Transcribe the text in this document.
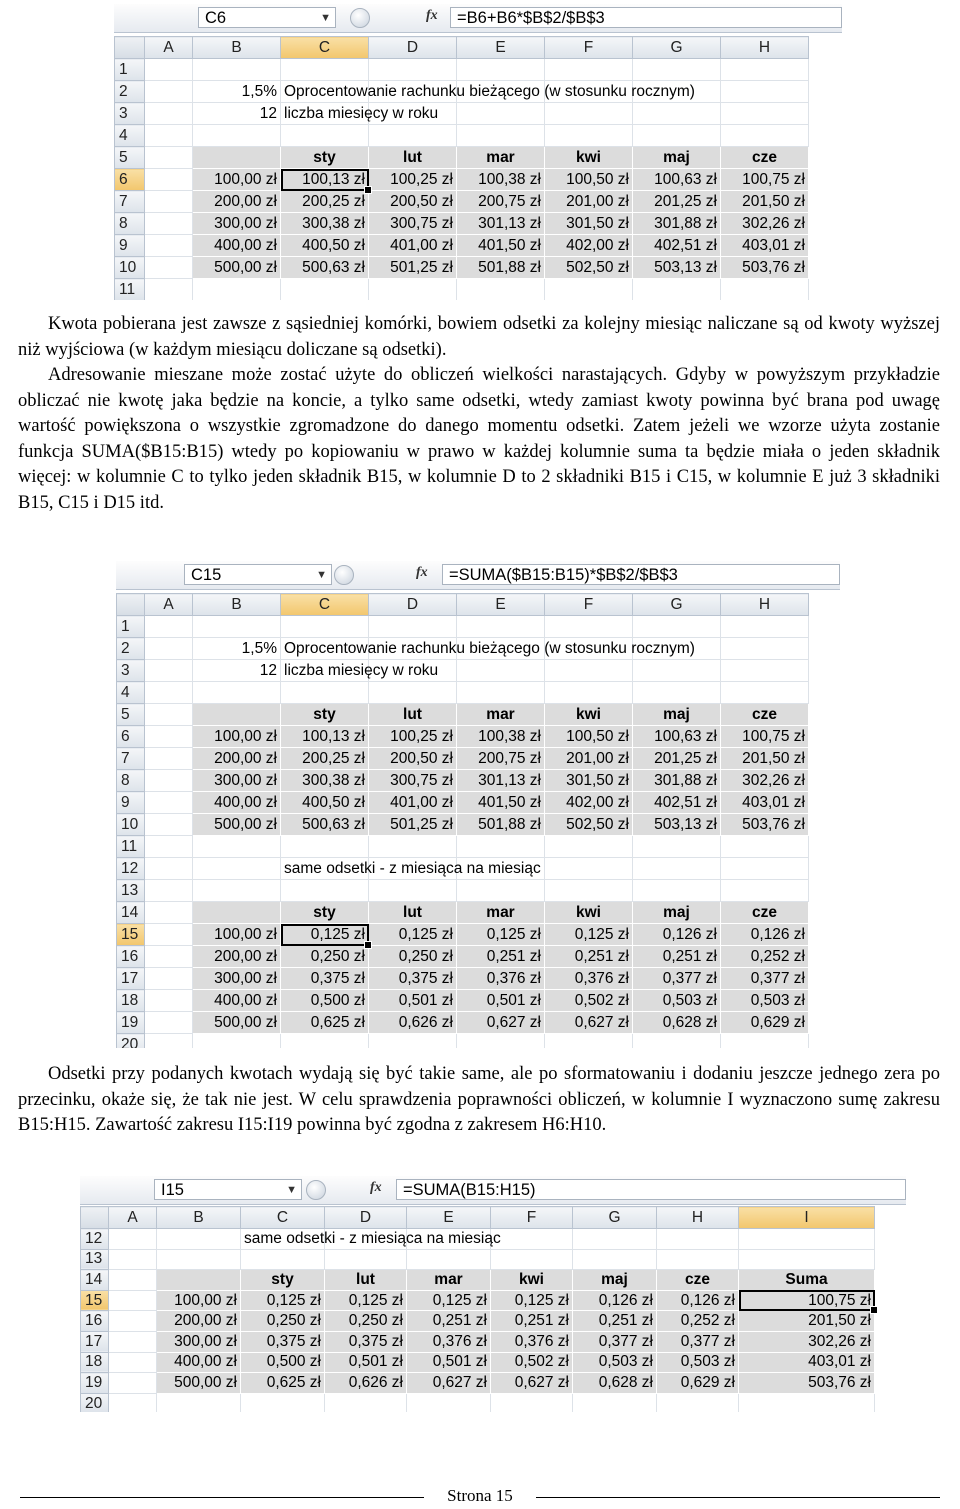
C6	▼	fx	=B6+B6*$B$2/$B$3
	A	B	C	D	E	F	G	H
1								
2		1,5%	Oprocentowanie rachunku bieżącego (w stosunku rocznym)					
3		12	liczba miesięcy w roku					
4								
5			sty	lut	mar	kwi	maj	cze
6		100,00 zł	100,13 zł	100,25 zł	100,38 zł	100,50 zł	100,63 zł	100,75 zł
7		200,00 zł	200,25 zł	200,50 zł	200,75 zł	201,00 zł	201,25 zł	201,50 zł
8		300,00 zł	300,38 zł	300,75 zł	301,13 zł	301,50 zł	301,88 zł	302,26 zł
9		400,00 zł	400,50 zł	401,00 zł	401,50 zł	402,00 zł	402,51 zł	403,01 zł
10		500,00 zł	500,63 zł	501,25 zł	501,88 zł	502,50 zł	503,13 zł	503,76 zł
11								

Kwota pobierana jest zawsze z sąsiedniej komórki, bowiem odsetki za kolejny miesiąc naliczane są od kwoty wyższej niż wyjściowa (w każdym miesiącu doliczane są odsetki).

Adresowanie mieszane może zostać użyte do obliczeń wielkości narastających. Gdyby w powyższym przykładzie obliczać nie kwotę jaka będzie na koncie, a tylko same odsetki, wtedy zamiast kwoty powinna być brana pod uwagę wartość powiększona o wszystkie zgromadzone do danego momentu odsetki. Zatem jeżeli we wzorze użyta zostanie funkcja SUMA($B15:B15) wtedy po kopiowaniu w prawo w każdej kolumnie suma ta będzie miała o jeden składnik więcej: w kolumnie C to tylko jeden składnik B15, w kolumnie D to 2 składniki B15 i C15, w kolumnie E już 3 składniki B15, C15 i D15 itd.

C15	▼	fx	=SUMA($B15:B15)*$B$2/$B$3
	A	B	C	D	E	F	G	H
1								
2		1,5%	Oprocentowanie rachunku bieżącego (w stosunku rocznym)					
3		12	liczba miesięcy w roku					
4								
5			sty	lut	mar	kwi	maj	cze
6		100,00 zł	100,13 zł	100,25 zł	100,38 zł	100,50 zł	100,63 zł	100,75 zł
7		200,00 zł	200,25 zł	200,50 zł	200,75 zł	201,00 zł	201,25 zł	201,50 zł
8		300,00 zł	300,38 zł	300,75 zł	301,13 zł	301,50 zł	301,88 zł	302,26 zł
9		400,00 zł	400,50 zł	401,00 zł	401,50 zł	402,00 zł	402,51 zł	403,01 zł
10		500,00 zł	500,63 zł	501,25 zł	501,88 zł	502,50 zł	503,13 zł	503,76 zł
11								
12			same odsetki - z miesiąca na miesiąc					
13								
14			sty	lut	mar	kwi	maj	cze
15		100,00 zł	0,125 zł	0,125 zł	0,125 zł	0,125 zł	0,126 zł	0,126 zł
16		200,00 zł	0,250 zł	0,250 zł	0,251 zł	0,251 zł	0,251 zł	0,252 zł
17		300,00 zł	0,375 zł	0,375 zł	0,376 zł	0,376 zł	0,377 zł	0,377 zł
18		400,00 zł	0,500 zł	0,501 zł	0,501 zł	0,502 zł	0,503 zł	0,503 zł
19		500,00 zł	0,625 zł	0,626 zł	0,627 zł	0,627 zł	0,628 zł	0,629 zł
20								

Odsetki przy podanych kwotach wydają się być takie same, ale po sformatowaniu i dodaniu jeszcze jednego zera po przecinku, okaże się, że tak nie jest. W celu sprawdzenia poprawności obliczeń, w kolumnie I wyznaczono sumę zakresu B15:H15. Zawartość zakresu I15:I19 powinna być zgodna z zakresem H6:H10.

I15	▼	fx	=SUMA(B15:H15)
	A	B	C	D	E	F	G	H	I
12			same odsetki - z miesiąca na miesiąc						
13									
14			sty	lut	mar	kwi	maj	cze	Suma
15		100,00 zł	0,125 zł	0,125 zł	0,125 zł	0,125 zł	0,126 zł	0,126 zł	100,75 zł
16		200,00 zł	0,250 zł	0,250 zł	0,251 zł	0,251 zł	0,251 zł	0,252 zł	201,50 zł
17		300,00 zł	0,375 zł	0,375 zł	0,376 zł	0,376 zł	0,377 zł	0,377 zł	302,26 zł
18		400,00 zł	0,500 zł	0,501 zł	0,501 zł	0,502 zł	0,503 zł	0,503 zł	403,01 zł
19		500,00 zł	0,625 zł	0,626 zł	0,627 zł	0,627 zł	0,628 zł	0,629 zł	503,76 zł
20									
Strona 15
